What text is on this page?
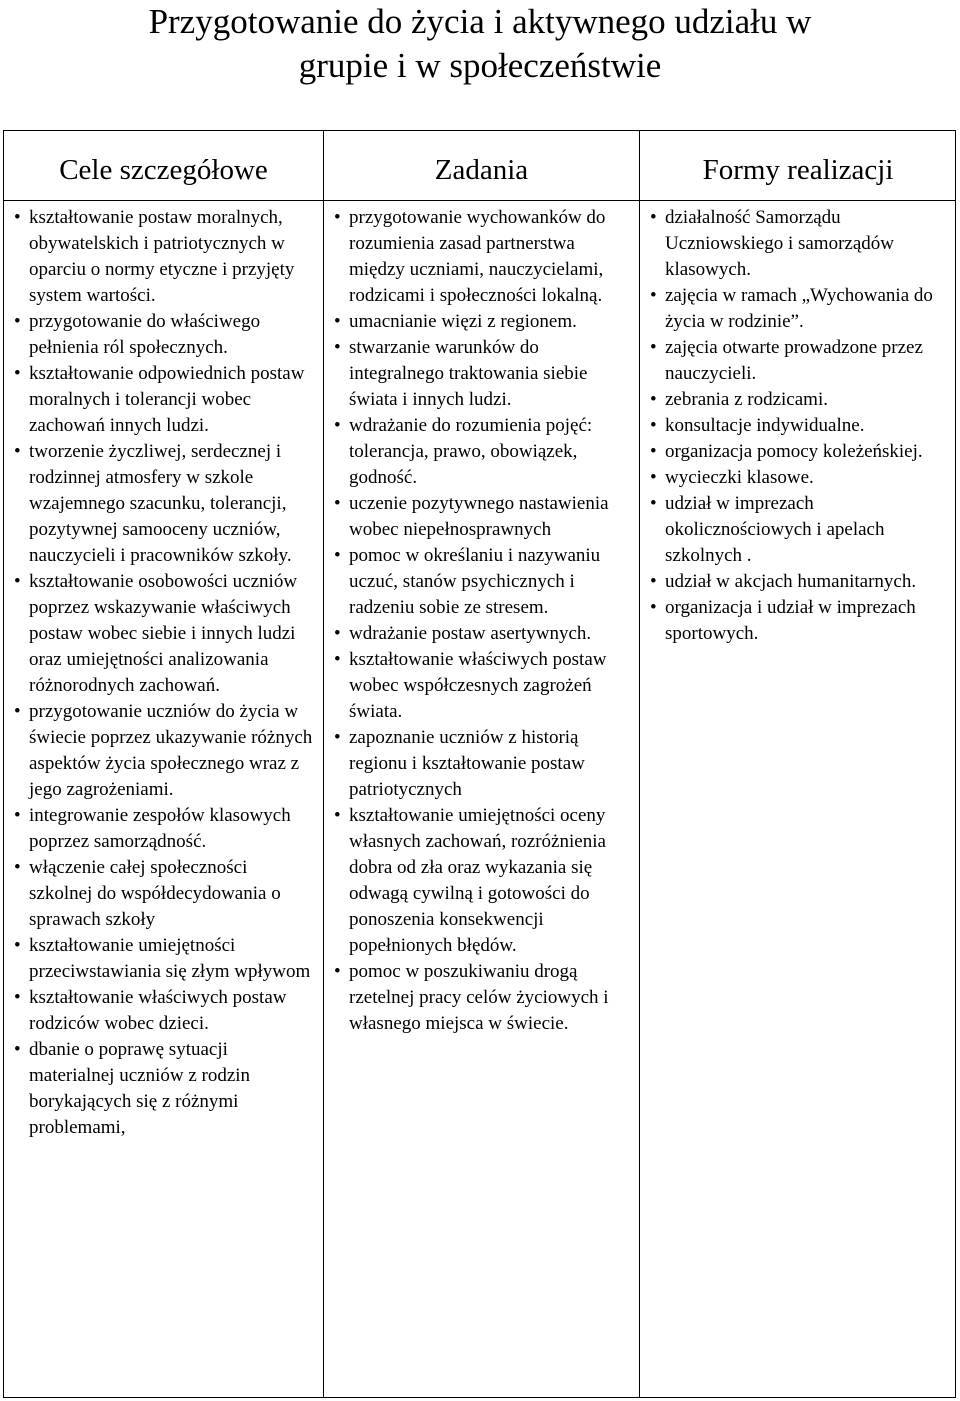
Przygotowanie do życia i aktywnego udziału w
grupie i w społeczeństwie
Cele szczegółowe	Zadania	Formy realizacji
• kształtowanie postaw moralnych, obywatelskich i patriotycznych w oparciu o normy etyczne i przyjęty system wartości.
• przygotowanie do właściwego pełnienia ról społecznych.
• kształtowanie odpowiednich postaw moralnych i tolerancji wobec zachowań innych ludzi.
• tworzenie życzliwej, serdecznej i rodzinnej atmosfery w szkole wzajemnego szacunku, tolerancji, pozytywnej samooceny uczniów, nauczycieli i pracowników szkoły.
• kształtowanie osobowości uczniów poprzez wskazywanie właściwych postaw wobec siebie i innych ludzi oraz umiejętności analizowania różnorodnych zachowań.
• przygotowanie uczniów do życia w świecie poprzez ukazywanie różnych aspektów życia społecznego wraz z jego zagrożeniami.
• integrowanie zespołów klasowych poprzez samorządność.
• włączenie całej społeczności szkolnej do współdecydowania o sprawach szkoły
• kształtowanie umiejętności przeciwstawiania się złym wpływom
• kształtowanie właściwych postaw rodziców wobec dzieci.
• dbanie o poprawę sytuacji materialnej uczniów z rodzin borykających się z różnymi problemami,
• przygotowanie wychowanków do rozumienia zasad partnerstwa między uczniami, nauczycielami, rodzicami i społeczności lokalną.
• umacnianie więzi z regionem.
• stwarzanie warunków do integralnego traktowania siebie świata i innych ludzi.
• wdrażanie do rozumienia pojęć: tolerancja, prawo, obowiązek, godność.
• uczenie pozytywnego nastawienia wobec niepełnosprawnych
• pomoc w określaniu i nazywaniu uczuć, stanów psychicznych i radzeniu sobie ze stresem.
• wdrażanie postaw asertywnych.
• kształtowanie właściwych postaw wobec współczesnych zagrożeń świata.
• zapoznanie uczniów z historią regionu i kształtowanie postaw patriotycznych
• kształtowanie umiejętności oceny własnych zachowań, rozróżnienia dobra od zła oraz wykazania się odwagą cywilną i gotowości do ponoszenia konsekwencji popełnionych błędów.
• pomoc w poszukiwaniu drogą rzetelnej pracy celów życiowych i własnego miejsca w świecie.
• działalność Samorządu Uczniowskiego i samorządów klasowych.
• zajęcia w ramach „Wychowania do życia w rodzinie”.
• zajęcia otwarte prowadzone przez nauczycieli.
• zebrania z rodzicami.
• konsultacje indywidualne.
• organizacja pomocy koleżeńskiej.
• wycieczki klasowe.
• udział w imprezach okolicznościowych i apelach szkolnych .
• udział w akcjach humanitarnych.
• organizacja i udział w imprezach sportowych.
